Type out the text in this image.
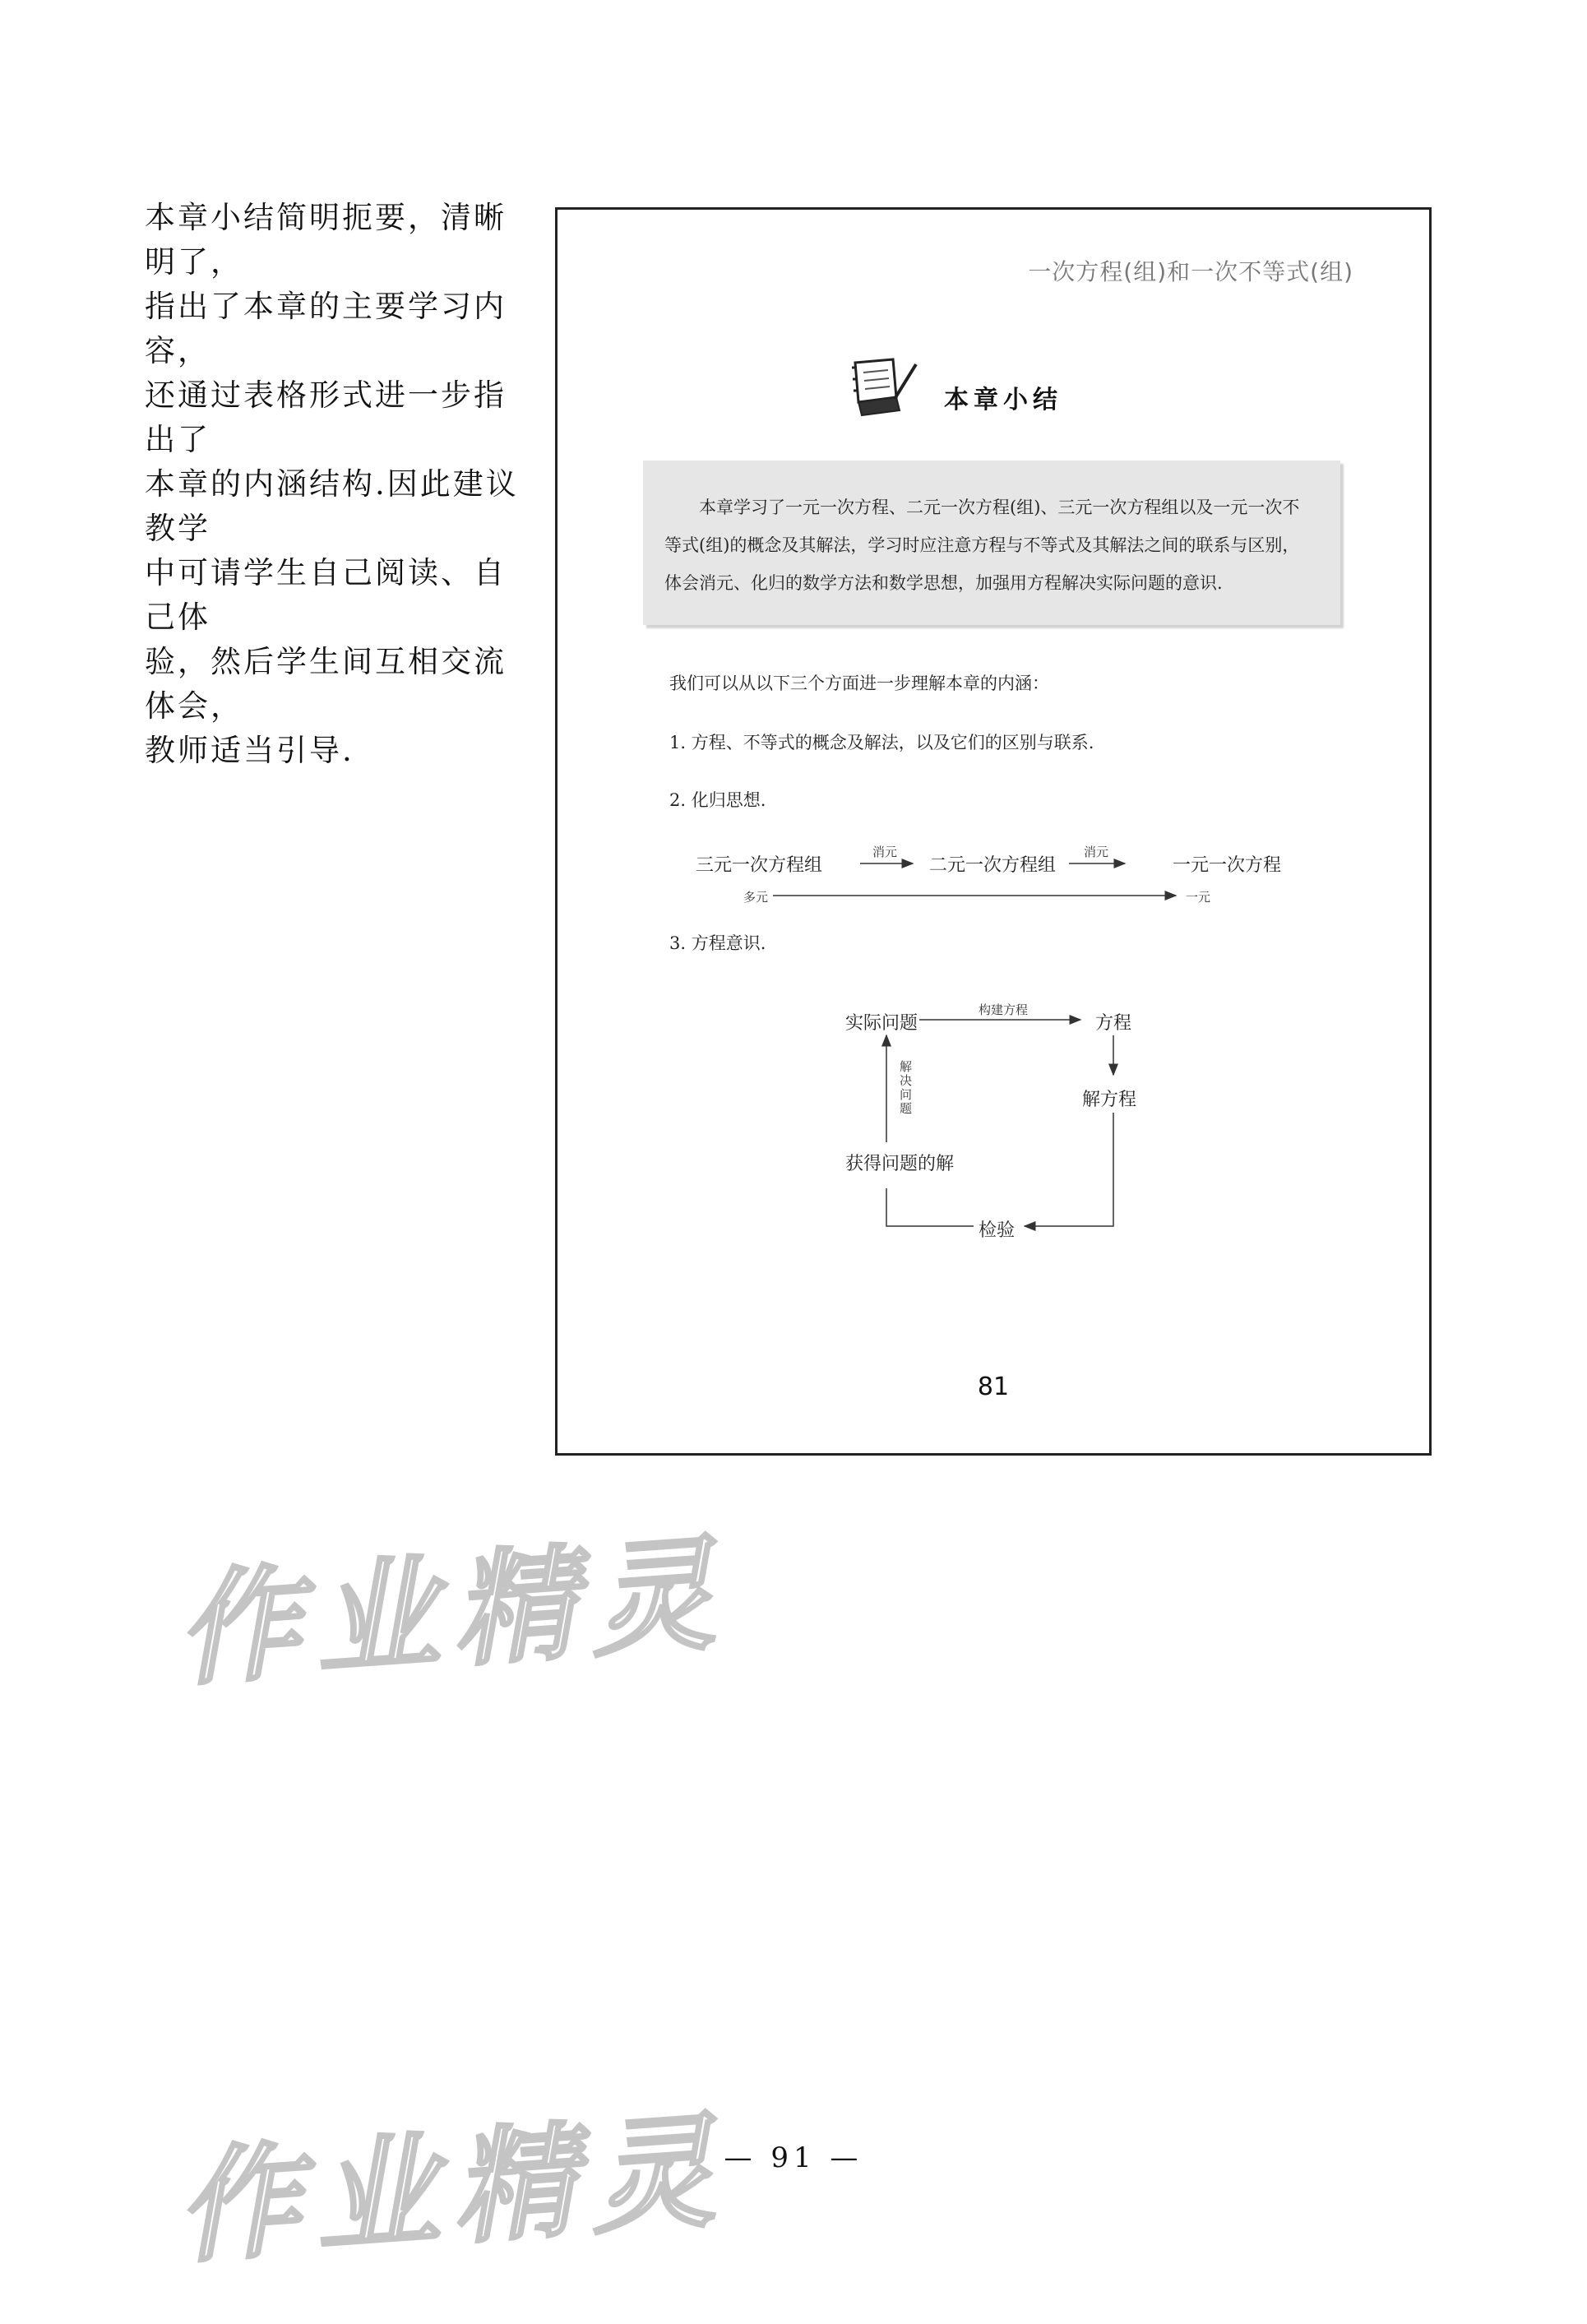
本章小结简明扼要，清晰明了，

指出了本章的主要学习内容，

还通过表格形式进一步指出了

本章的内涵结构.因此建议教学

中可请学生自己阅读、自己体

验，然后学生间互相交流体会，

教师适当引导.

一次方程(组)和一次不等式(组)
本章小结

本章学习了一元一次方程、二元一次方程(组)、三元一次方程组以及一元一次不

等式(组)的概念及其解法，学习时应注意方程与不等式及其解法之间的联系与区别，
体会消元、化归的数学方法和数学思想，加强用方程解决实际问题的意识.
我们可以从以下三个方面进一步理解本章的内涵：
1. 方程、不等式的概念及解法，以及它们的区别与联系.
2. 化归思想.
三元一次方程组
消元
二元一次方程组
消元
一元一次方程
多元	一元
3. 方程意识.
实际问题
构建方程
方程
解方程
检验
获得问题的解
解决问题
81
作业精灵
作业精灵
— 91 —
